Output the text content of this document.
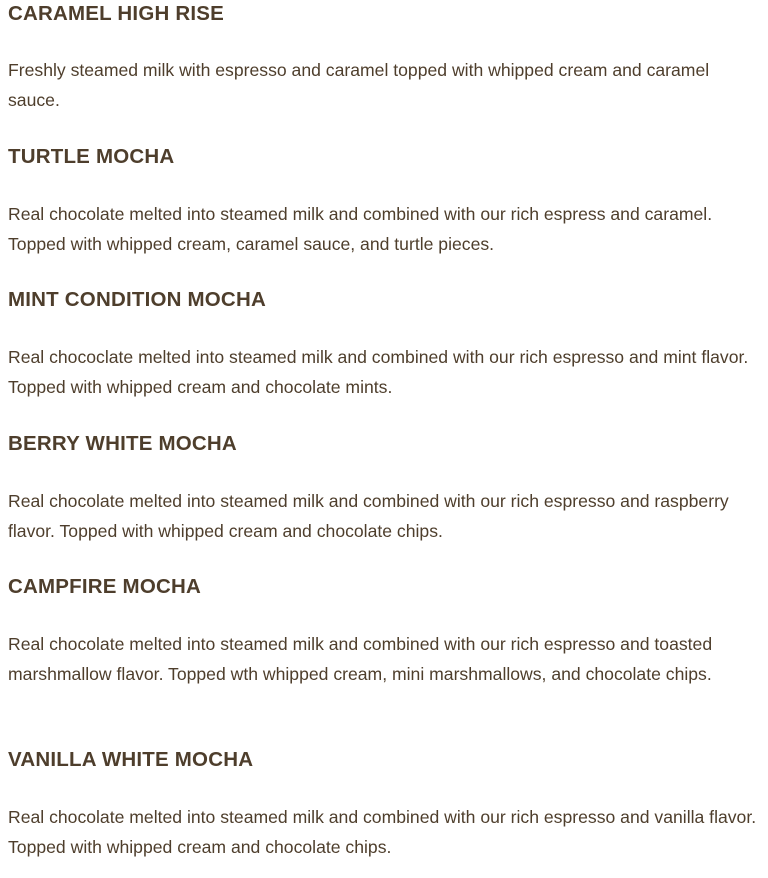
CARAMEL HIGH RISE

Freshly steamed milk with espresso and caramel topped with whipped cream and caramel sauce.

TURTLE MOCHA

Real chocolate melted into steamed milk and combined with our rich espress and caramel. Topped with whipped cream, caramel sauce, and turtle pieces.

MINT CONDITION MOCHA

Real chococlate melted into steamed milk and combined with our rich espresso and mint flavor. Topped with whipped cream and chocolate mints.

BERRY WHITE MOCHA

Real chocolate melted into steamed milk and combined with our rich espresso and raspberry flavor. Topped with whipped cream and chocolate chips.

CAMPFIRE MOCHA

Real chocolate melted into steamed milk and combined with our rich espresso and toasted marshmallow flavor. Topped wth whipped cream, mini marshmallows, and chocolate chips.

VANILLA WHITE MOCHA

Real chocolate melted into steamed milk and combined with our rich espresso and vanilla flavor. Topped with whipped cream and chocolate chips.
